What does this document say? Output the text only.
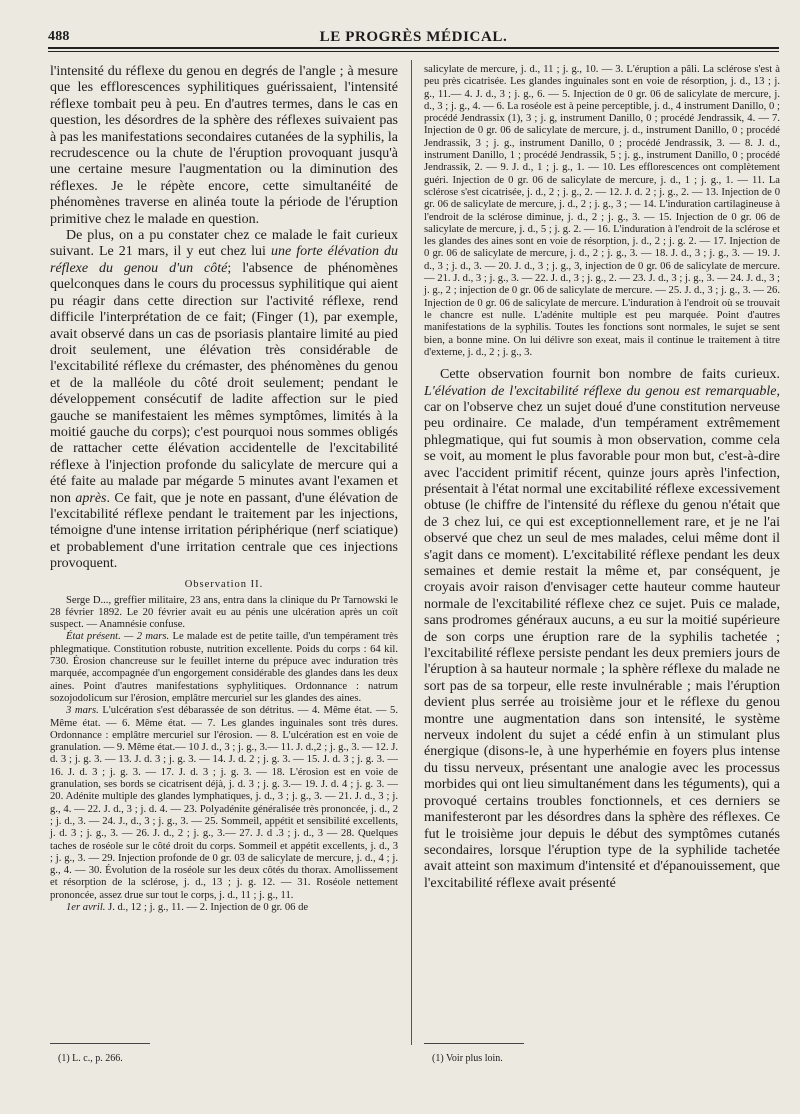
488	LE PROGRÈS MÉDICAL.

l'intensité du réflexe du genou en degrés de l'angle ; à mesure que les efflorescences syphilitiques guérissaient, l'intensité réflexe tombait peu à peu. En d'autres termes, dans le cas en question, les désordres de la sphère des réflexes suivaient pas à pas les manifestations secondaires cutanées de la syphilis, la recrudescence ou la chute de l'éruption provoquant jusqu'à une certaine mesure l'augmentation ou la diminution des réflexes. Je le répète encore, cette simultanéité de phénomènes traverse en alinéa toute la période de l'éruption primitive chez le malade en question.

De plus, on a pu constater chez ce malade le fait curieux suivant. Le 21 mars, il y eut chez lui une forte élévation du réflexe du genou d'un côté; l'absence de phénomènes quelconques dans le cours du processus syphilitique qui aient pu réagir dans cette direction sur l'activité réflexe, rend difficile l'interprétation de ce fait; (Finger (1), par exemple, avait observé dans un cas de psoriasis plantaire limité au pied droit seulement, une élévation très considérable de l'excitabilité réflexe du crémaster, des phénomènes du genou et de la malléole du côté droit seulement; pendant le développement consécutif de ladite affection sur le pied gauche se manifestaient les mêmes symptômes, limités à la moitié gauche du corps); c'est pourquoi nous sommes obligés de rattacher cette élévation accidentelle de l'excitabilité réflexe à l'injection profonde du salicylate de mercure qui a été faite au malade par mégarde 5 minutes avant l'examen et non après. Ce fait, que je note en passant, d'une élévation de l'excitabilité réflexe pendant le traitement par les injections, témoigne d'une intense irritation périphérique (nerf sciatique) et probablement d'une irritation centrale que ces injections provoquent.

Observation II.

Serge D..., greffier militaire, 23 ans, entra dans la clinique du Pr Tarnowski le 28 février 1892. Le 20 février avait eu au pénis une ulcération après un coït suspect. — Anamnésie confuse.

État présent. — 2 mars. Le malade est de petite taille, d'un tempérament très phlegmatique. Constitution robuste, nutrition excellente. Poids du corps : 64 kil. 730. Érosion chancreuse sur le feuillet interne du prépuce avec induration très marquée, accompagnée d'un engorgement considérable des glandes dans les deux aines. Point d'autres manifestations syphylitiques. Ordonnance : natrum sozojodolicum sur l'érosion, emplâtre mercuriel sur les glandes des aines.

3 mars. L'ulcération s'est débarassée de son détritus. — 4. Même état. — 5. Même état. — 6. Même état. — 7. Les glandes inguinales sont très dures. Ordonnance : emplâtre mercuriel sur l'érosion. — 8. L'ulcération est en voie de granulation. — 9. Même état.— 10 J. d., 3 ; j. g., 3.— 11. J. d.,2 ; j. g., 3. — 12. J. d. 3 ; j. g. 3. — 13. J. d. 3 ; j. g. 3. — 14. J. d. 2 ; j. g. 3. — 15. J. d. 3 ; j. g. 3. — 16. J. d. 3 ; j. g. 3. — 17. J. d. 3 ; j. g. 3. — 18. L'érosion est en voie de granulation, ses bords se cicatrisent déjà, j. d. 3 ; j. g. 3.— 19. J. d. 4 ; j. g. 3. — 20. Adénite multiple des glandes lymphatiques, j. d., 3 ; j. g., 3. — 21. J. d., 3 ; j. g., 4. — 22. J. d., 3 ; j. d. 4. — 23. Polyadénite généralisée très prononcée, j. d., 2 ; j. d., 3. — 24. J., d., 3 ; j. g., 3. — 25. Sommeil, appétit et sensibilité excellents, j. d. 3 ; j. g., 3. — 26. J. d., 2 ; j. g., 3.— 27. J. d .3 ; j. d., 3 — 28. Quelques taches de roséole sur le côté droit du corps. Sommeil et appétit excellents, j. d., 3 ; j. g., 3. — 29. Injection profonde de 0 gr. 03 de salicylate de mercure, j. d., 4 ; j. g., 4. — 30. Évolution de la roséole sur les deux côtés du thorax. Amollissement et résorption de la sclérose, j. d., 13 ; j. g. 12. — 31. Roséole nettement prononcée, assez drue sur tout le corps, j. d., 11 ; j. g., 11.

1er avril. J. d., 12 ; j. g., 11. — 2. Injection de 0 gr. 06 de

salicylate de mercure, j. d., 11 ; j. g., 10. — 3. L'éruption a pâli. La sclérose s'est à peu près cicatrisée. Les glandes inguinales sont en voie de résorption, j. d., 13 ; j. g., 11.— 4. J. d., 3 ; j. g., 6. — 5. Injection de 0 gr. 06 de salicylate de mercure, j. d., 3 ; j. g., 4. — 6. La roséole est à peine perceptible, j. d., 4 instrument Danillo, 0 ; procédé Jendrassix (1), 3 ; j. g, instrument Danillo, 0 ; procédé Jendrassik, 4. — 7. Injection de 0 gr. 06 de salicylate de mercure, j. d., instrument Danillo, 0 ; procédé Jendrassik, 3 ; j. g., instrument Danillo, 0 ; procédé Jendrassik, 3. — 8. J. d., instrument Danillo, 1 ; procédé Jendrassik, 5 ; j. g., instrument Danillo, 0 ; procédé Jendrassik, 2. — 9. J. d., 1 ; j. g., 1. — 10. Les efflorescences ont complètement guéri. Injection de 0 gr. 06 de salicylate de mercure, j. d., 1 ; j. g., 1. — 11. La sclérose s'est cicatrisée, j. d., 2 ; j. g., 2. — 12. J. d. 2 ; j. g., 2. — 13. Injection de 0 gr. 06 de salicylate de mercure, j. d., 2 ; j. g., 3 ; — 14. L'induration cartilagineuse à l'endroit de la sclérose diminue, j. d., 2 ; j. g., 3. — 15. Injection de 0 gr. 06 de salicylate de mercure, j. d., 5 ; j. g. 2. — 16. L'induration à l'endroit de la sclérose et les glandes des aines sont en voie de résorption, j. d., 2 ; j. g. 2. — 17. Injection de 0 gr. 06 de salicylate de mercure, j. d., 2 ; j. g., 3. — 18. J. d., 3 ; j. g., 3. — 19. J. d., 3 ; j. d., 3. — 20. J. d., 3 ; j. g., 3, injection de 0 gr. 06 de salicylate de mercure. — 21. J. d., 3 ; j. g., 3. — 22. J. d., 3 ; j. g., 2. — 23. J. d., 3 ; j. g., 3. — 24. J. d., 3 ; j. g., 2 ; injection de 0 gr. 06 de salicylate de mercure. — 25. J. d., 3 ; j. g., 3. — 26. Injection de 0 gr. 06 de salicylate de mercure. L'induration à l'endroit où se trouvait le chancre est nulle. L'adénite multiple est peu marquée. Point d'autres manifestations de la syphilis. Toutes les fonctions sont normales, le sujet se sent bien, a bonne mine. On lui délivre son exeat, mais il continue le traitement à titre d'externe, j. d., 2 ; j. g., 3.

Cette observation fournit bon nombre de faits curieux. L'élévation de l'excitabilité réflexe du genou est remarquable, car on l'observe chez un sujet doué d'une constitution nerveuse peu ordinaire. Ce malade, d'un tempérament extrêmement phlegmatique, qui fut soumis à mon observation, comme cela se voit, au moment le plus favorable pour mon but, c'est-à-dire avec l'accident primitif récent, quinze jours après l'infection, présentait à l'état normal une excitabilité réflexe excessivement obtuse (le chiffre de l'intensité du réflexe du genou n'était que de 3 chez lui, ce qui est exceptionnellement rare, et je ne l'ai observé que chez un seul de mes malades, celui même dont il s'agit dans ce moment). L'excitabilité réflexe pendant les deux semaines et demie restait la même et, par conséquent, je croyais avoir raison d'envisager cette hauteur comme hauteur normale de l'excitabilité réflexe chez ce sujet. Puis ce malade, sans prodromes généraux aucuns, a eu sur la moitié supérieure de son corps une éruption rare de la syphilis tachetée ; l'excitabilité réflexe persiste pendant les deux premiers jours de l'éruption à sa hauteur normale ; la sphère réflexe du malade ne sort pas de sa torpeur, elle reste invulnérable ; mais l'éruption devient plus serrée au troisième jour et le réflexe du genou montre une augmentation dans son intensité, le système nerveux indolent du sujet a cédé enfin à un stimulant plus énergique (disons-le, à une hyperhémie en foyers plus intense du tissu nerveux, présentant une analogie avec les processus morbides qui ont lieu simultanément dans les téguments), qui a provoqué certains troubles fonctionnels, et ces derniers se manifesteront par les désordres dans la sphère des réflexes. Ce fut le troisième jour depuis le début des symptômes cutanés secondaires, lorsque l'éruption type de la syphilide tachetée avait atteint son maximum d'intensité et d'épanouissement, que l'excitabilité réflexe avait présenté

(1) L. c., p. 266.	(1) Voir plus loin.
